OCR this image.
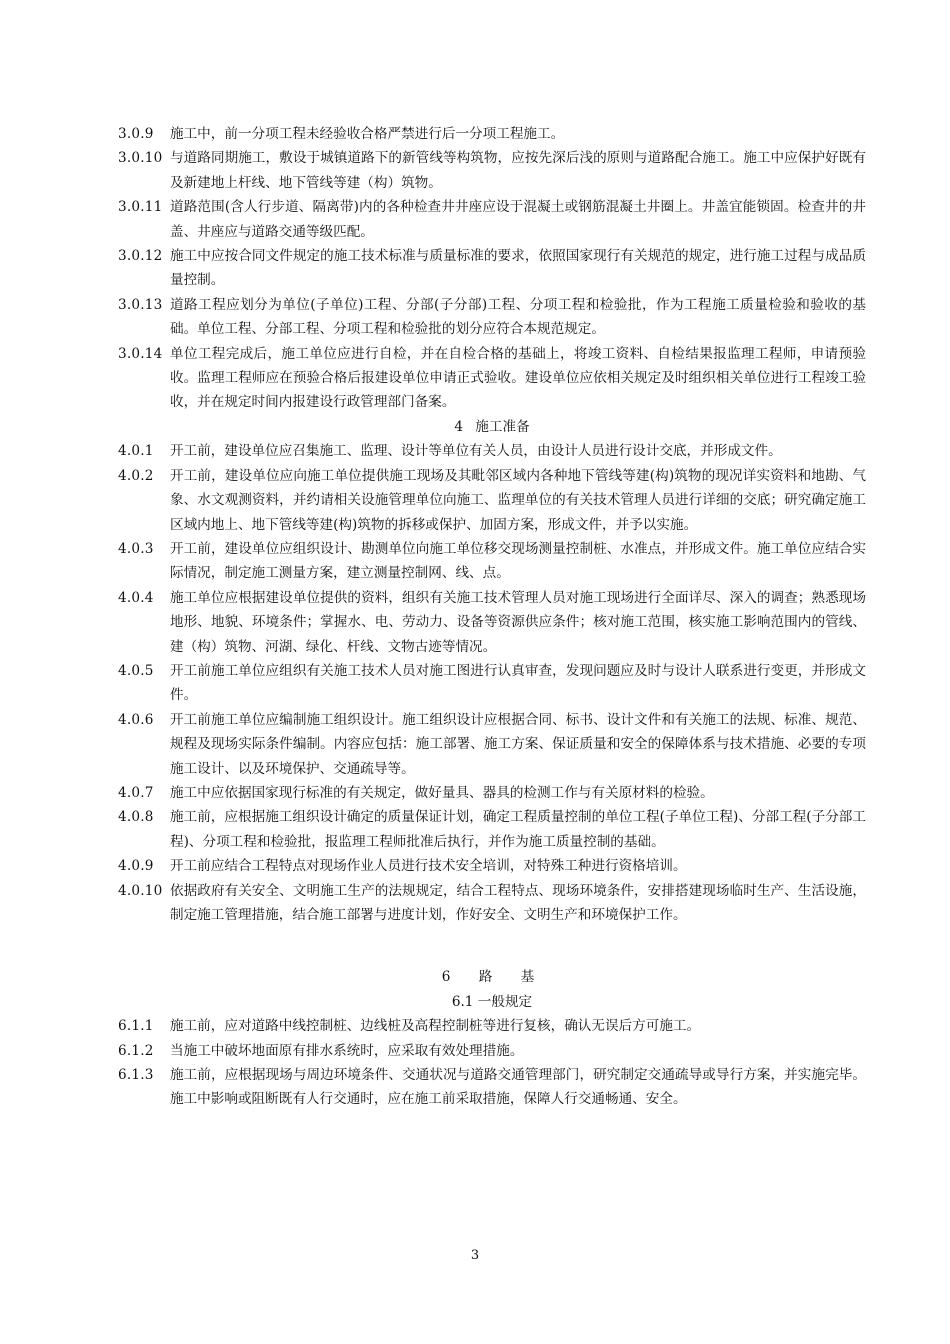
3.0.9	施工中，前一分项工程未经验收合格严禁进行后一分项工程施工。
3.0.10 与道路同期施工，敷设于城镇道路下的新管线等构筑物，应按先深后浅的原则与道路配合施工。施工中应保护好既有及新建地上杆线、地下管线等建（构）筑物。
3.0.11 道路范围(含人行步道、隔离带)内的各种检查井井座应设于混凝土或钢筋混凝土井圈上。井盖宜能锁固。检查井的井盖、井座应与道路交通等级匹配。
3.0.12 施工中应按合同文件规定的施工技术标准与质量标准的要求，依照国家现行有关规范的规定，进行施工过程与成品质量控制。
3.0.13 道路工程应划分为单位(子单位)工程、分部(子分部)工程、分项工程和检验批，作为工程施工质量检验和验收的基础。单位工程、分部工程、分项工程和检验批的划分应符合本规范规定。
3.0.14 单位工程完成后，施工单位应进行自检，并在自检合格的基础上，将竣工资料、自检结果报监理工程师，申请预验收。监理工程师应在预验合格后报建设单位申请正式验收。建设单位应依相关规定及时组织相关单位进行工程竣工验收，并在规定时间内报建设行政管理部门备案。
4 施工准备
4.0.1	开工前，建设单位应召集施工、监理、设计等单位有关人员，由设计人员进行设计交底，并形成文件。
4.0.2	开工前，建设单位应向施工单位提供施工现场及其毗邻区域内各种地下管线等建(构)筑物的现况详实资料和地勘、气象、水文观测资料，并约请相关设施管理单位向施工、监理单位的有关技术管理人员进行详细的交底；研究确定施工区域内地上、地下管线等建(构)筑物的拆移或保护、加固方案，形成文件，并予以实施。
4.0.3	开工前，建设单位应组织设计、勘测单位向施工单位移交现场测量控制桩、水准点，并形成文件。施工单位应结合实际情况，制定施工测量方案，建立测量控制网、线、点。
4.0.4	施工单位应根据建设单位提供的资料，组织有关施工技术管理人员对施工现场进行全面详尽、深入的调查；熟悉现场地形、地貌、环境条件；掌握水、电、劳动力、设备等资源供应条件；核对施工范围，核实施工影响范围内的管线、建（构）筑物、河湖、绿化、杆线、文物古迹等情况。
4.0.5	开工前施工单位应组织有关施工技术人员对施工图进行认真审查，发现问题应及时与设计人联系进行变更，并形成文件。
4.0.6	开工前施工单位应编制施工组织设计。施工组织设计应根据合同、标书、设计文件和有关施工的法规、标准、规范、规程及现场实际条件编制。内容应包括：施工部署、施工方案、保证质量和安全的保障体系与技术措施、必要的专项施工设计、以及环境保护、交通疏导等。
4.0.7	施工中应依据国家现行标准的有关规定，做好量具、器具的检测工作与有关原材料的检验。
4.0.8	施工前，应根据施工组织设计确定的质量保证计划，确定工程质量控制的单位工程(子单位工程)、分部工程(子分部工程)、分项工程和检验批，报监理工程师批准后执行，并作为施工质量控制的基础。
4.0.9	开工前应结合工程特点对现场作业人员进行技术安全培训，对特殊工种进行资格培训。
4.0.10 依据政府有关安全、文明施工生产的法规规定，结合工程特点、现场环境条件，安排搭建现场临时生产、生活设施，制定施工管理措施，结合施工部署与进度计划，作好安全、文明生产和环境保护工作。
6 路 基
6.1 一般规定
6.1.1	施工前，应对道路中线控制桩、边线桩及高程控制桩等进行复核，确认无误后方可施工。
6.1.2	当施工中破坏地面原有排水系统时，应采取有效处理措施。
6.1.3	施工前，应根据现场与周边环境条件、交通状况与道路交通管理部门，研究制定交通疏导或导行方案，并实施完毕。施工中影响或阻断既有人行交通时，应在施工前采取措施，保障人行交通畅通、安全。
3
